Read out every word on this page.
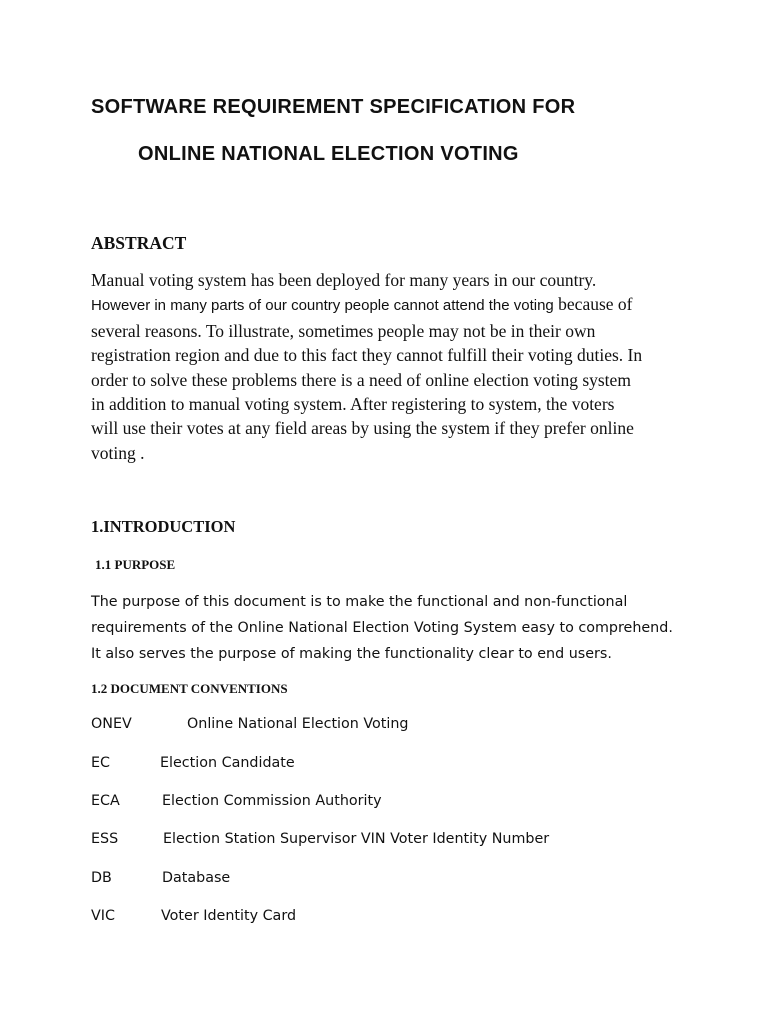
SOFTWARE REQUIREMENT SPECIFICATION FOR
ONLINE NATIONAL ELECTION VOTING
ABSTRACT

Manual voting system has been deployed for many years in our country.
However in many parts of our country people cannot attend the voting because of
several reasons. To illustrate, sometimes people may not be in their own
registration region and due to this fact they cannot fulfill their voting duties. In
order to solve these problems there is a need of online election voting system
in addition to manual voting system. After registering to system, the voters
will use their votes at any field areas by using the system if they prefer online
voting .

1.INTRODUCTION
1.1 PURPOSE

The purpose of this document is to make the functional and non-functional
requirements of the Online National Election Voting System easy to comprehend.
It also serves the purpose of making the functionality clear to end users.

1.2 DOCUMENT CONVENTIONS
ONEV	Online National Election Voting
EC	Election Candidate
ECA	Election Commission Authority
ESS	Election Station Supervisor VIN Voter Identity Number
DB	Database
VIC	Voter Identity Card
